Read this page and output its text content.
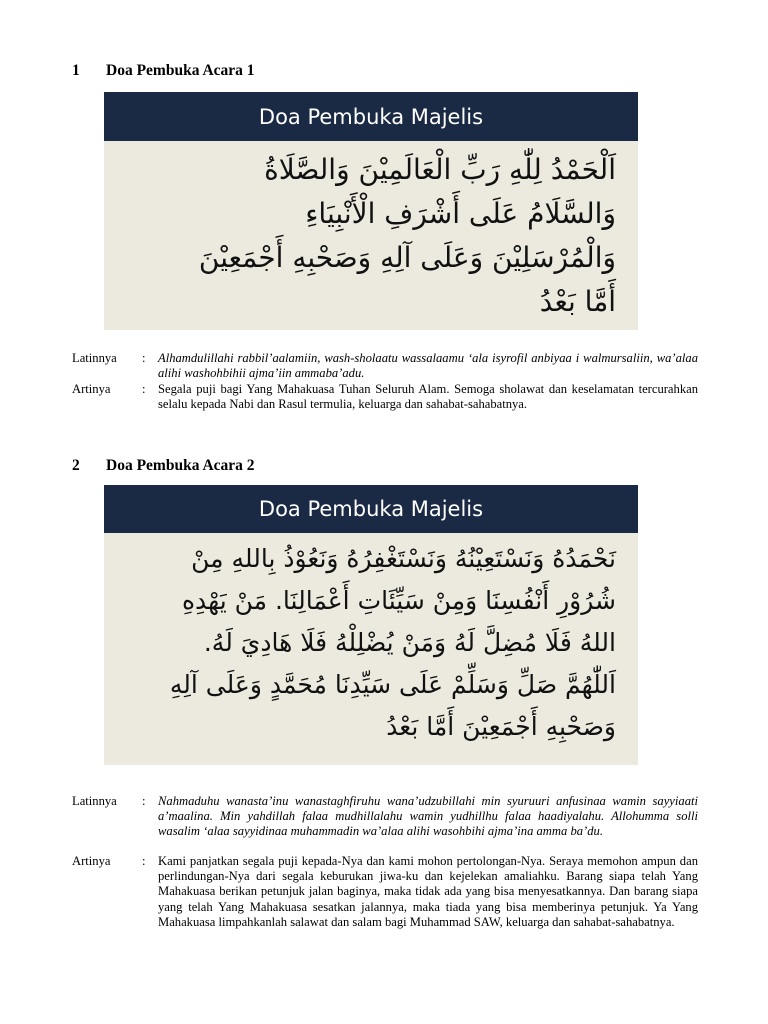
1 Doa Pembuka Acara 1
Doa Pembuka Majelis
اَلْحَمْدُ لِلّٰهِ رَبِّ الْعَالَمِيْنَ وَالصَّلَاةُ
وَالسَّلَامُ عَلَى أَشْرَفِ الْأَنْبِيَاءِ
وَالْمُرْسَلِيْنَ وَعَلَى آلِهِ وَصَحْبِهِ أَجْمَعِيْنَ
أَمَّا بَعْدُ
Latinnya	: Alhamdulillahi rabbil’aalamiin, wash-sholaatu wassalaamu ‘ala isyrofil anbiyaa i walmursaliin, wa’alaa alihi washohbihii ajma’iin ammaba’adu.
Artinya	: Segala puji bagi Yang Mahakuasa Tuhan Seluruh Alam. Semoga sholawat dan keselamatan tercurahkan selalu kepada Nabi dan Rasul termulia, keluarga dan sahabat-sahabatnya.
2 Doa Pembuka Acara 2
Doa Pembuka Majelis
نَحْمَدُهُ وَنَسْتَعِيْنُهُ وَنَسْتَغْفِرُهُ وَنَعُوْذُ بِاللهِ مِنْ
شُرُوْرِ أَنْفُسِنَا وَمِنْ سَيِّئَاتِ أَعْمَالِنَا. مَنْ يَهْدِهِ
اللهُ فَلَا مُضِلَّ لَهُ وَمَنْ يُضْلِلْهُ فَلَا هَادِيَ لَهُ.
اَللّٰهُمَّ صَلِّ وَسَلِّمْ عَلَى سَيِّدِنَا مُحَمَّدٍ وَعَلَى آلِهِ
وَصَحْبِهِ أَجْمَعِيْنَ أَمَّا بَعْدُ
Latinnya	: Nahmaduhu wanasta’inu wanastaghfiruhu wana’udzubillahi min syuruuri anfusinaa wamin sayyiaati a’maalina. Min yahdillah falaa mudhillalahu wamin yudhillhu falaa haadiyalahu. Allohumma solli wasalim ‘alaa sayyidinaa muhammadin wa’alaa alihi wasohbihi ajma’ina amma ba’du.
Artinya	: Kami panjatkan segala puji kepada-Nya dan kami mohon pertolongan-Nya. Seraya memohon ampun dan perlindungan-Nya dari segala keburukan jiwa-ku dan kejelekan amaliahku. Barang siapa telah Yang Mahakuasa berikan petunjuk jalan baginya, maka tidak ada yang bisa menyesatkannya. Dan barang siapa yang telah Yang Mahakuasa sesatkan jalannya, maka tiada yang bisa memberinya petunjuk. Ya Yang Mahakuasa limpahkanlah salawat dan salam bagi Muhammad SAW, keluarga dan sahabat-sahabatnya.
